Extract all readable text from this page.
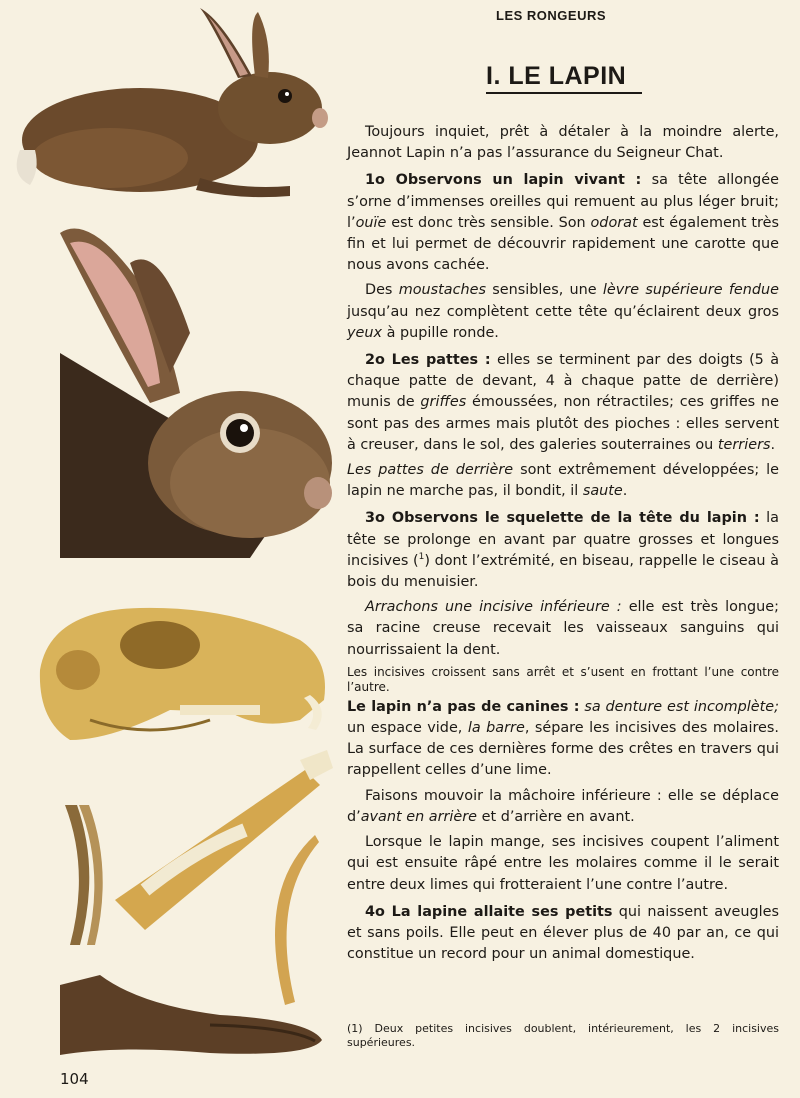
LES RONGEURS
I. LE LAPIN

Toujours inquiet, prêt à détaler à la moindre alerte, Jeannot Lapin n’a pas l’assurance du Seigneur Chat.

1o Observons un lapin vivant : sa tête allongée s’orne d’immenses oreilles qui remuent au plus léger bruit; l’ouïe est donc très sensible. Son odorat est également très fin et lui permet de découvrir rapidement une carotte que nous avons cachée.

Des moustaches sensibles, une lèvre supérieure fendue jusqu’au nez complètent cette tête qu’éclairent deux gros yeux à pupille ronde.

2o Les pattes : elles se terminent par des doigts (5 à chaque patte de devant, 4 à chaque patte de derrière) munis de griffes émoussées, non rétractiles; ces griffes ne sont pas des armes mais plutôt des pioches : elles servent à creuser, dans le sol, des galeries souterraines ou terriers.

Les pattes de derrière sont extrêmement développées; le lapin ne marche pas, il bondit, il saute.

3o Observons le squelette de la tête du lapin : la tête se prolonge en avant par quatre grosses et longues incisives ($^1$) dont l’extrémité, en biseau, rappelle le ciseau à bois du menuisier.

Arrachons une incisive inférieure : elle est très longue; sa racine creuse recevait les vaisseaux sanguins qui nourrissaient la dent.

Les incisives croissent sans arrêt et s’usent en frottant l’une contre l’autre.

Le lapin n’a pas de canines : sa denture est incomplète; un espace vide, la barre, sépare les incisives des molaires. La surface de ces dernières forme des crêtes en travers qui rappellent celles d’une lime.

Faisons mouvoir la mâchoire inférieure : elle se déplace d’avant en arrière et d’arrière en avant.

Lorsque le lapin mange, ses incisives coupent l’aliment qui est ensuite râpé entre les molaires comme il le serait entre deux limes qui frotteraient l’une contre l’autre.

4o La lapine allaite ses petits qui naissent aveugles et sans poils. Elle peut en élever plus de 40 par an, ce qui constitue un record pour un animal domestique.

(1) Deux petites incisives doublent, intérieurement, les 2 incisives supérieures.
104
